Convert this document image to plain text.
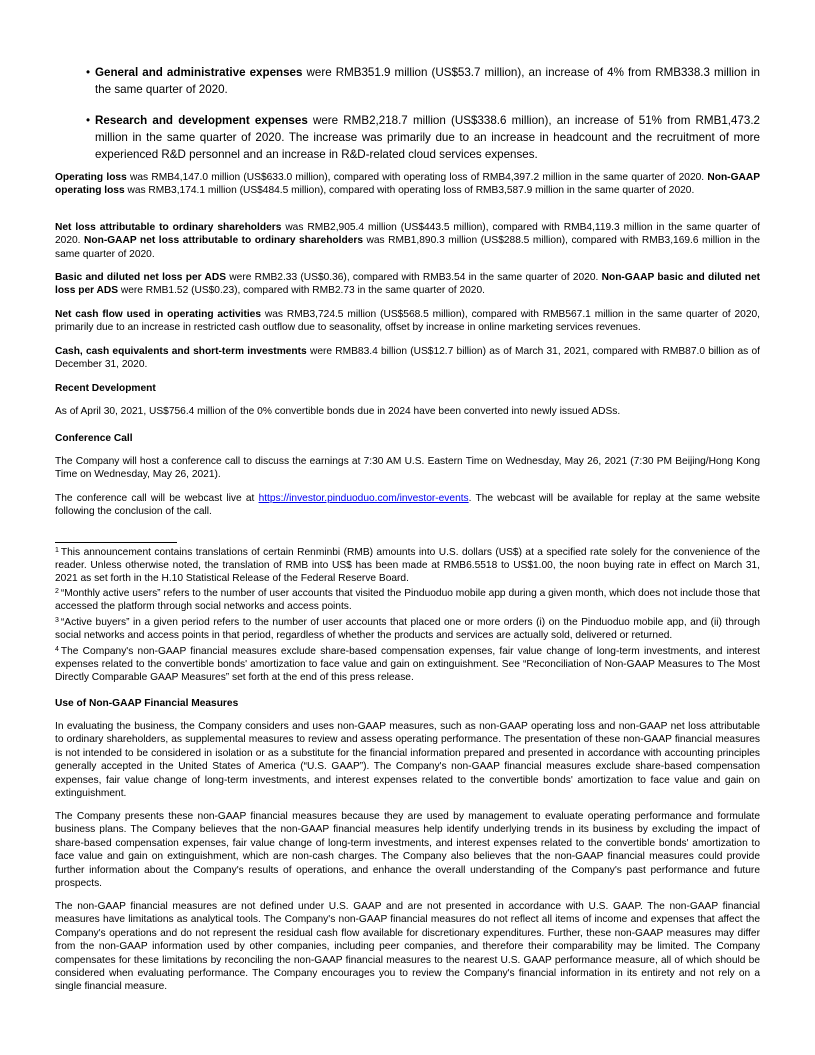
• General and administrative expenses were RMB351.9 million (US$53.7 million), an increase of 4% from RMB338.3 million in the same quarter of 2020.

• Research and development expenses were RMB2,218.7 million (US$338.6 million), an increase of 51% from RMB1,473.2 million in the same quarter of 2020. The increase was primarily due to an increase in headcount and the recruitment of more experienced R&D personnel and an increase in R&D-related cloud services expenses.

Operating loss was RMB4,147.0 million (US$633.0 million), compared with operating loss of RMB4,397.2 million in the same quarter of 2020. Non-GAAP operating loss was RMB3,174.1 million (US$484.5 million), compared with operating loss of RMB3,587.9 million in the same quarter of 2020.

Net loss attributable to ordinary shareholders was RMB2,905.4 million (US$443.5 million), compared with RMB4,119.3 million in the same quarter of 2020. Non-GAAP net loss attributable to ordinary shareholders was RMB1,890.3 million (US$288.5 million), compared with RMB3,169.6 million in the same quarter of 2020.

Basic and diluted net loss per ADS were RMB2.33 (US$0.36), compared with RMB3.54 in the same quarter of 2020. Non-GAAP basic and diluted net loss per ADS were RMB1.52 (US$0.23), compared with RMB2.73 in the same quarter of 2020.

Net cash flow used in operating activities was RMB3,724.5 million (US$568.5 million), compared with RMB567.1 million in the same quarter of 2020, primarily due to an increase in restricted cash outflow due to seasonality, offset by increase in online marketing services revenues.

Cash, cash equivalents and short-term investments were RMB83.4 billion (US$12.7 billion) as of March 31, 2021, compared with RMB87.0 billion as of December 31, 2020.

Recent Development

As of April 30, 2021, US$756.4 million of the 0% convertible bonds due in 2024 have been converted into newly issued ADSs.

Conference Call

The Company will host a conference call to discuss the earnings at 7:30 AM U.S. Eastern Time on Wednesday, May 26, 2021 (7:30 PM Beijing/Hong Kong Time on Wednesday, May 26, 2021).

The conference call will be webcast live at https://investor.pinduoduo.com/investor-events. The webcast will be available for replay at the same website following the conclusion of the call.

$^1$ This announcement contains translations of certain Renminbi (RMB) amounts into U.S. dollars (US$) at a specified rate solely for the convenience of the reader. Unless otherwise noted, the translation of RMB into US$ has been made at RMB6.5518 to US$1.00, the noon buying rate in effect on March 31, 2021 as set forth in the H.10 Statistical Release of the Federal Reserve Board.

$^2$ “Monthly active users” refers to the number of user accounts that visited the Pinduoduo mobile app during a given month, which does not include those that accessed the platform through social networks and access points.

$^3$ “Active buyers” in a given period refers to the number of user accounts that placed one or more orders (i) on the Pinduoduo mobile app, and (ii) through social networks and access points in that period, regardless of whether the products and services are actually sold, delivered or returned.

$^4$ The Company's non-GAAP financial measures exclude share-based compensation expenses, fair value change of long-term investments, and interest expenses related to the convertible bonds' amortization to face value and gain on extinguishment. See “Reconciliation of Non-GAAP Measures to The Most Directly Comparable GAAP Measures” set forth at the end of this press release.

Use of Non-GAAP Financial Measures

In evaluating the business, the Company considers and uses non-GAAP measures, such as non-GAAP operating loss and non-GAAP net loss attributable to ordinary shareholders, as supplemental measures to review and assess operating performance. The presentation of these non-GAAP financial measures is not intended to be considered in isolation or as a substitute for the financial information prepared and presented in accordance with accounting principles generally accepted in the United States of America (“U.S. GAAP”). The Company's non-GAAP financial measures exclude share-based compensation expenses, fair value change of long-term investments, and interest expenses related to the convertible bonds' amortization to face value and gain on extinguishment.

The Company presents these non-GAAP financial measures because they are used by management to evaluate operating performance and formulate business plans. The Company believes that the non-GAAP financial measures help identify underlying trends in its business by excluding the impact of share-based compensation expenses, fair value change of long-term investments, and interest expenses related to the convertible bonds' amortization to face value and gain on extinguishment, which are non-cash charges. The Company also believes that the non-GAAP financial measures could provide further information about the Company's results of operations, and enhance the overall understanding of the Company's past performance and future prospects.

The non-GAAP financial measures are not defined under U.S. GAAP and are not presented in accordance with U.S. GAAP. The non-GAAP financial measures have limitations as analytical tools. The Company's non-GAAP financial measures do not reflect all items of income and expenses that affect the Company's operations and do not represent the residual cash flow available for discretionary expenditures. Further, these non-GAAP measures may differ from the non-GAAP information used by other companies, including peer companies, and therefore their comparability may be limited. The Company compensates for these limitations by reconciling the non-GAAP financial measures to the nearest U.S. GAAP performance measure, all of which should be considered when evaluating performance. The Company encourages you to review the Company's financial information in its entirety and not rely on a single financial measure.
